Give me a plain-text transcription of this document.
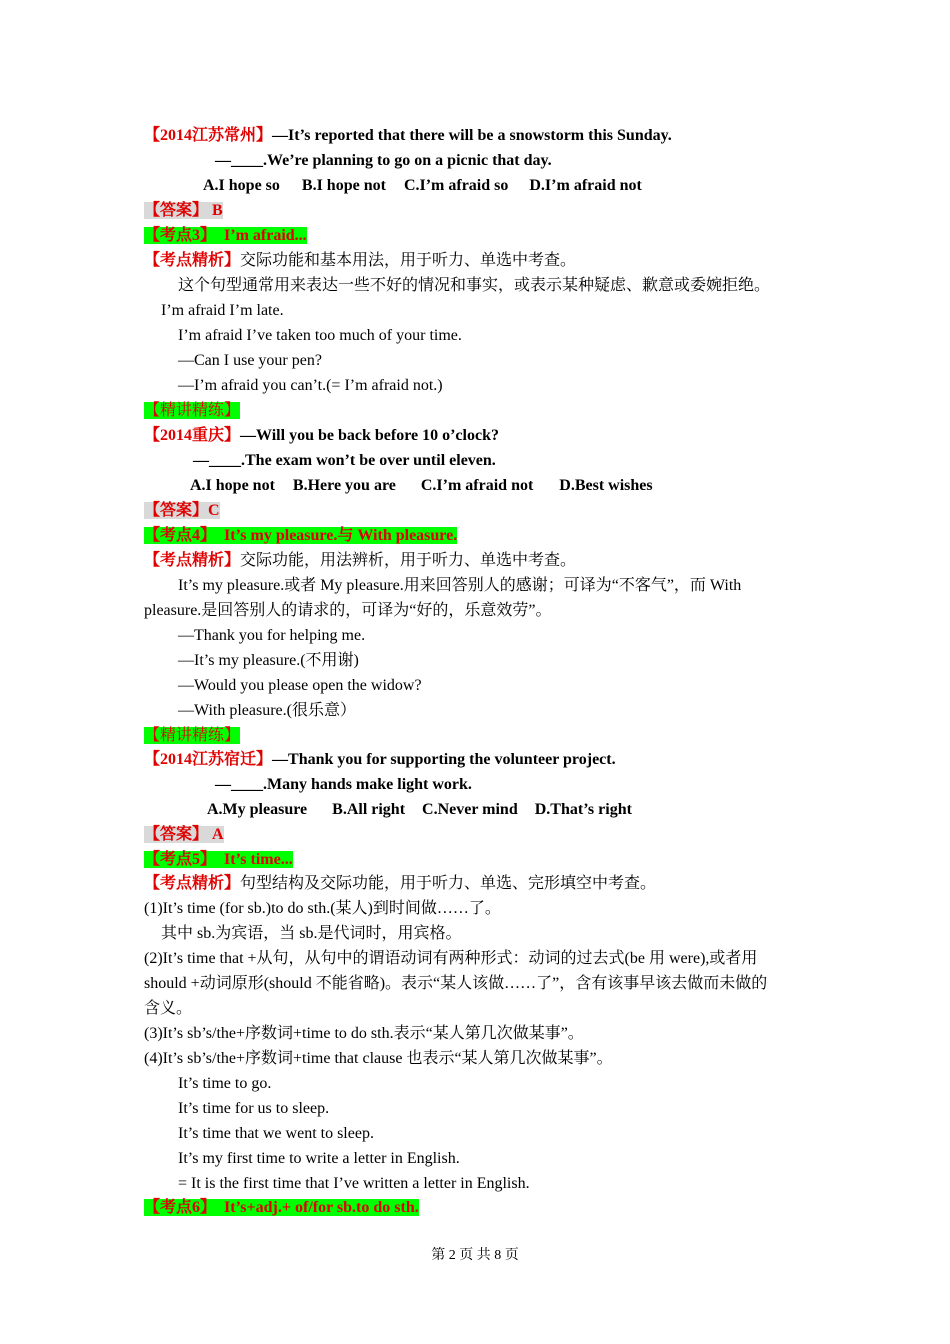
【2014江苏常州】—It’s reported that there will be a snowstorm this Sunday.
—____.We’re planning to go on a picnic that day.
A.I hope so B.I hope not C.I’m afraid so D.I’m afraid not
【答案】 B
【考点3】 I’m afraid...
【考点精析】交际功能和基本用法，用于听力、单选中考查。
这个句型通常用来表达一些不好的情况和事实，或表示某种疑虑、歉意或委婉拒绝。
I’m afraid I’m late.
I’m afraid I’ve taken too much of your time.
—Can I use your pen?
—I’m afraid you can’t.(= I’m afraid not.)
【精讲精练】
【2014重庆】—Will you be back before 10 o’clock?
—____.The exam won’t be over until eleven.
A.I hope not B.Here you are C.I’m afraid not D.Best wishes
【答案】C
【考点4】 It’s my pleasure.与 With pleasure.
【考点精析】交际功能，用法辨析，用于听力、单选中考查。
It’s my pleasure.或者 My pleasure.用来回答别人的感谢；可译为“不客气”，而 With
pleasure.是回答别人的请求的，可译为“好的，乐意效劳”。
—Thank you for helping me.
—It’s my pleasure.(不用谢)
—Would you please open the widow?
—With pleasure.(很乐意）
【精讲精练】
【2014江苏宿迁】—Thank you for supporting the volunteer project.
—____.Many hands make light work.
A.My pleasure B.All right C.Never mind D.That’s right
【答案】 A
【考点5】 It’s time...
【考点精析】句型结构及交际功能，用于听力、单选、完形填空中考查。
(1)It’s time (for sb.)to do sth.(某人)到时间做……了。
其中 sb.为宾语，当 sb.是代词时，用宾格。
(2)It’s time that +从句，从句中的谓语动词有两种形式：动词的过去式(be 用 were),或者用
should +动词原形(should 不能省略)。表示“某人该做……了”，含有该事早该去做而未做的
含义。
(3)It’s sb’s/the+序数词+time to do sth.表示“某人第几次做某事”。
(4)It’s sb’s/the+序数词+time that clause 也表示“某人第几次做某事”。
It’s time to go.
It’s time for us to sleep.
It’s time that we went to sleep.
It’s my first time to write a letter in English.
= It is the first time that I’ve written a letter in English.
【考点6】 It’s+adj.+ of/for sb.to do sth.
第 2 页 共 8 页
